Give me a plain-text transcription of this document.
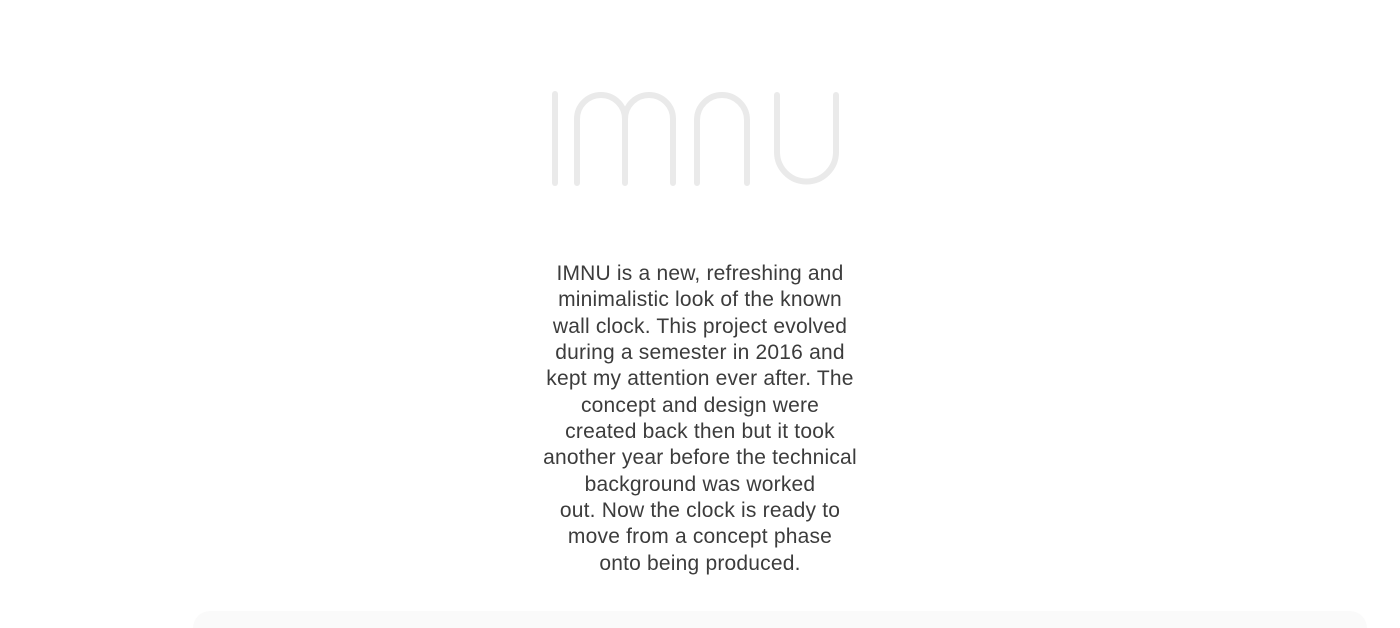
IMNU is a new, refreshing and
minimalistic look of the known
wall clock. This project evolved
during a semester in 2016 and
kept my attention ever after. The
concept and design were
created back then but it took
another year before the technical
background was worked
out. Now the clock is ready to
move from a concept phase
onto being produced.
